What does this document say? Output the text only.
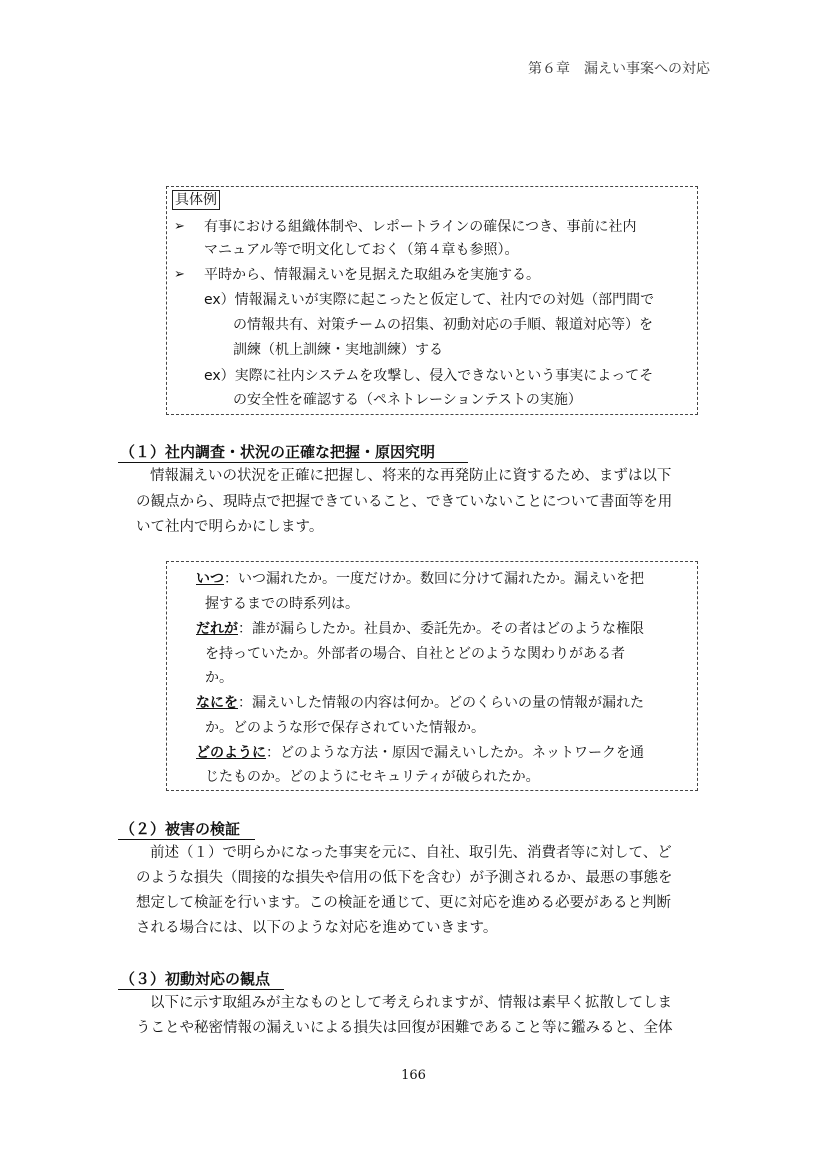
第６章　漏えい事案への対応
具体例
➢ 有事における組織体制や、レポートラインの確保につき、事前に社内
マニュアル等で明文化しておく（第４章も参照）。
➢ 平時から、情報漏えいを見据えた取組みを実施する。
ex）情報漏えいが実際に起こったと仮定して、社内での対処（部門間で
の情報共有、対策チームの招集、初動対応の手順、報道対応等）を
訓練（机上訓練・実地訓練）する
ex）実際に社内システムを攻撃し、侵入できないという事実によってそ
の安全性を確認する（ペネトレーションテストの実施）
（１）社内調査・状況の正確な把握・原因究明
情報漏えいの状況を正確に把握し、将来的な再発防止に資するため、まずは以下
の観点から、現時点で把握できていること、できていないことについて書面等を用
いて社内で明らかにします。
いつ：いつ漏れたか。一度だけか。数回に分けて漏れたか。漏えいを把
握するまでの時系列は。
だれが：誰が漏らしたか。社員か、委託先か。その者はどのような権限
を持っていたか。外部者の場合、自社とどのような関わりがある者
か。
なにを：漏えいした情報の内容は何か。どのくらいの量の情報が漏れた
か。どのような形で保存されていた情報か。
どのように：どのような方法・原因で漏えいしたか。ネットワークを通
じたものか。どのようにセキュリティが破られたか。
（２）被害の検証
前述（１）で明らかになった事実を元に、自社、取引先、消費者等に対して、ど
のような損失（間接的な損失や信用の低下を含む）が予測されるか、最悪の事態を
想定して検証を行います。この検証を通じて、更に対応を進める必要があると判断
される場合には、以下のような対応を進めていきます。
（３）初動対応の観点
以下に示す取組みが主なものとして考えられますが、情報は素早く拡散してしま
うことや秘密情報の漏えいによる損失は回復が困難であること等に鑑みると、全体
166
